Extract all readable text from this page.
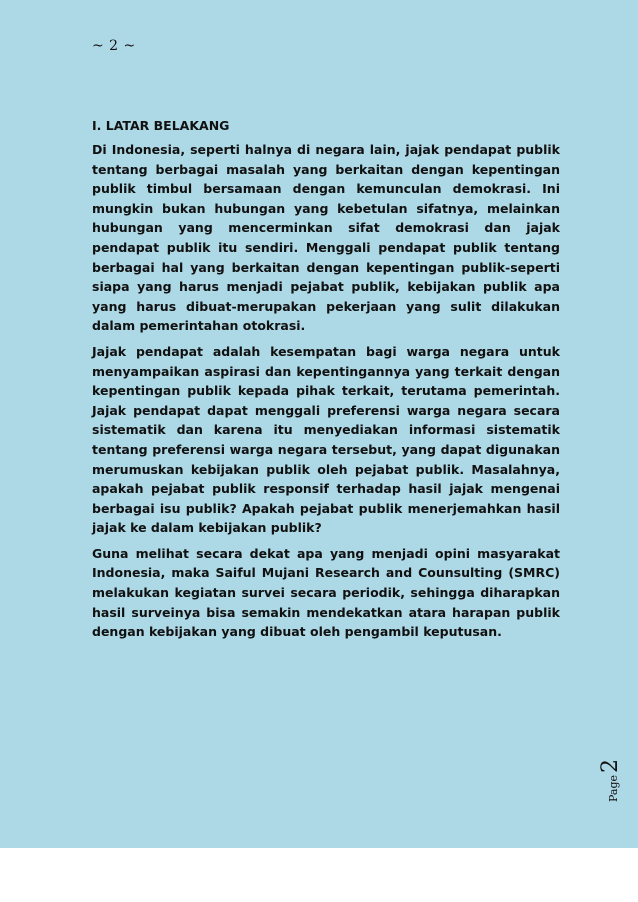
~ 2 ~
I. LATAR BELAKANG

Di Indonesia, seperti halnya di negara lain, jajak pendapat publik tentang berbagai masalah yang berkaitan dengan kepentingan publik timbul bersamaan dengan kemunculan demokrasi. Ini mungkin bukan hubungan yang kebetulan sifatnya, melainkan hubungan yang mencerminkan sifat demokrasi dan jajak pendapat publik itu sendiri. Menggali pendapat publik tentang berbagai hal yang berkaitan dengan kepentingan publik-seperti siapa yang harus menjadi pejabat publik, kebijakan publik apa yang harus dibuat-merupakan pekerjaan yang sulit dilakukan dalam pemerintahan otokrasi.

Jajak pendapat adalah kesempatan bagi warga negara untuk menyampaikan aspirasi dan kepentingannya yang terkait dengan kepentingan publik kepada pihak terkait, terutama pemerintah. Jajak pendapat dapat menggali preferensi warga negara secara sistematik dan karena itu menyediakan informasi sistematik tentang preferensi warga negara tersebut, yang dapat digunakan merumuskan kebijakan publik oleh pejabat publik. Masalahnya, apakah pejabat publik responsif terhadap hasil jajak mengenai berbagai isu publik? Apakah pejabat publik menerjemahkan hasil jajak ke dalam kebijakan publik?

Guna melihat secara dekat apa yang menjadi opini masyarakat Indonesia, maka Saiful Mujani Research and Counsulting (SMRC) melakukan kegiatan survei secara periodik, sehingga diharapkan hasil surveinya bisa semakin mendekatkan atara harapan publik dengan kebijakan yang dibuat oleh pengambil keputusan.

Page2
